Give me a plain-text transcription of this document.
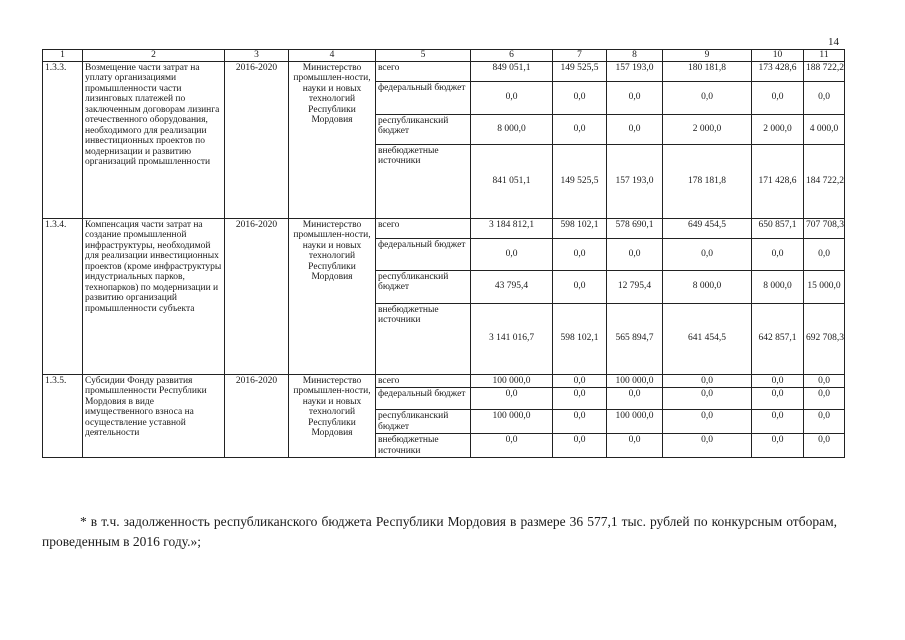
14
1	2	3	4	5	6	7	8	9	10	11
1.3.3.	Возмещение части затрат на уплату организациями промышленности части лизинговых платежей по заключенным договорам лизинга отечественного оборудования, необходимого для реализации инвестиционных проектов по модернизации и развитию организаций промышленности	2016-2020	Министерство промышлен-ности, науки и новых технологий Республики Мордовия	всего	849 051,1	149 525,5	157 193,0	180 181,8	173 428,6	188 722,2
				федеральный бюджет	0,0	0,0	0,0	0,0	0,0	0,0
				республиканский бюджет	8 000,0	0,0	0,0	2 000,0	2 000,0	4 000,0
				внебюджетные источники	841 051,1	149 525,5	157 193,0	178 181,8	171 428,6	184 722,2
1.3.4.	Компенсация части затрат на создание промышленной инфраструктуры, необходимой для реализации инвестиционных проектов (кроме инфраструктуры индустриальных парков, технопарков) по модернизации и развитию организаций промышленности субъекта	2016-2020	Министерство промышлен-ности, науки и новых технологий Республики Мордовия	всего	3 184 812,1	598 102,1	578 690,1	649 454,5	650 857,1	707 708,3
				федеральный бюджет	0,0	0,0	0,0	0,0	0,0	0,0
				республиканский бюджет	43 795,4	0,0	12 795,4	8 000,0	8 000,0	15 000,0
				внебюджетные источники	3 141 016,7	598 102,1	565 894,7	641 454,5	642 857,1	692 708,3
1.3.5.	Субсидии Фонду развития промышленности Республики Мордовия в виде имущественного взноса на осуществление уставной деятельности	2016-2020	Министерство промышлен-ности, науки и новых технологий Республики Мордовия	всего	100 000,0	0,0	100 000,0	0,0	0,0	0,0
				федеральный бюджет	0,0	0,0	0,0	0,0	0,0	0,0
				республиканский бюджет	100 000,0	0,0	100 000,0	0,0	0,0	0,0
				внебюджетные источники	0,0	0,0	0,0	0,0	0,0	0,0
* в т.ч. задолженность республиканского бюджета Республики Мордовия в размере 36 577,1 тыс. рублей по конкурсным отборам, проведенным в 2016 году.»;
